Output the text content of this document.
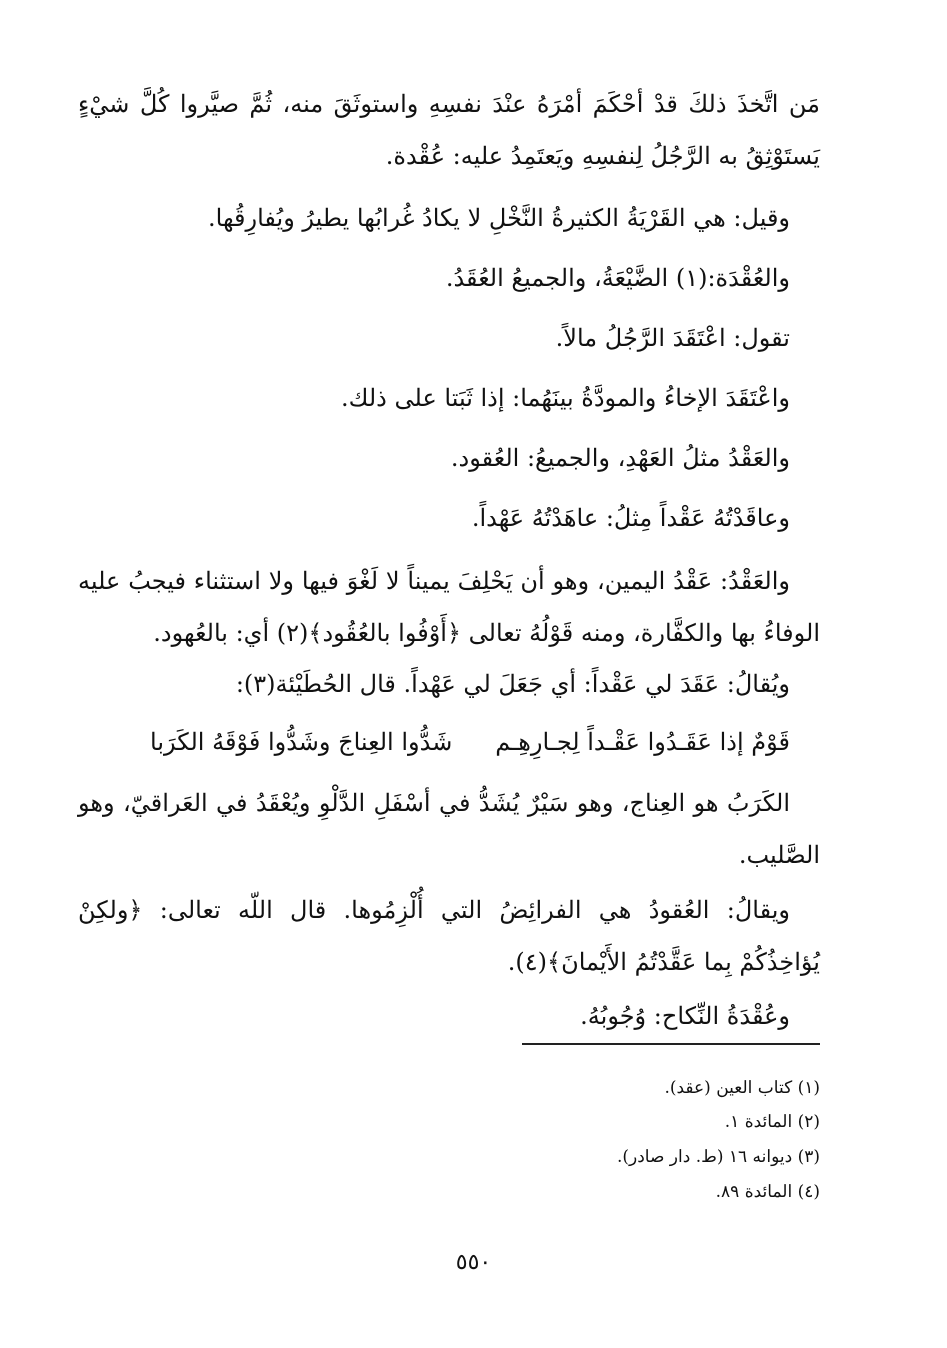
مَن اتَّخذَ ذلكَ قدْ أحْكَمَ أمْرَهُ عنْدَ نفسِهِ واستوثَقَ منه، ثُمَّ صيَّروا كُلَّ شيْءٍ يَستَوْثِقُ به الرَّجُلُ لِنفسِهِ ويَعتَمِدُ عليه: عُقْدة.

وقيل: هي القَرْيَةُ الكثيرةُ النَّخْلِ لا يكادُ غُرابُها يطيرُ ويُفارِقُها.

والعُقْدَة:(١) الضَّيْعَةُ، والجميعُ العُقَدُ.

تقول: اعْتَقَدَ الرَّجُلُ مالاً.

واعْتَقَدَ الإخاءُ والمودَّةُ بينَهُما: إذا ثَبَتا على ذلك.

والعَقْدُ مثلُ العَهْدِ، والجميعُ: العُقود.

وعاقَدْتُهُ عَقْداً مِثلُ: عاهَدْتُهُ عَهْداً.

والعَقْدُ: عَقْدُ اليمين، وهو أن يَحْلِفَ يميناً لا لَغْوَ فيها ولا استثناء فيجبُ عليه الوفاءُ بها والكفَّارة، ومنه قَوْلُهُ تعالى ﴿أَوْفُوا بالعُقُود﴾(٢) أي: بالعُهود.

ويُقالُ: عَقَدَ لي عَقْداً: أي جَعَلَ لي عَهْداً. قال الحُطَيْئة(٣):

قَوْمٌ إذا عَقَـدُوا عَقْـداً لِجـارِهِـم
شَدُّوا العِناجَ وشَدُّوا فَوْقَهُ الكَرَبا

الكَرَبُ هو العِناج، وهو سَيْرٌ يُشَدُّ في أسْفَلِ الدَّلْوِ ويُعْقَدُ في العَراقيّ، وهو الصَّليب.

ويقالُ: العُقودُ هي الفرائِضُ التي أُلْزِمُوها. قال اللّه تعالى: ﴿ولكِنْ يُؤاخِذُكُمْ بِما عَقَّدْتُمُ الأَيْمانَ﴾(٤).

وعُقْدَةُ النِّكاح: وُجُوبُهُ.

(١) كتاب العين (عقد).
(٢) المائدة ١.
(٣) ديوانه ١٦ (ط. دار صادر).
(٤) المائدة ٨٩.
٥٥٠
